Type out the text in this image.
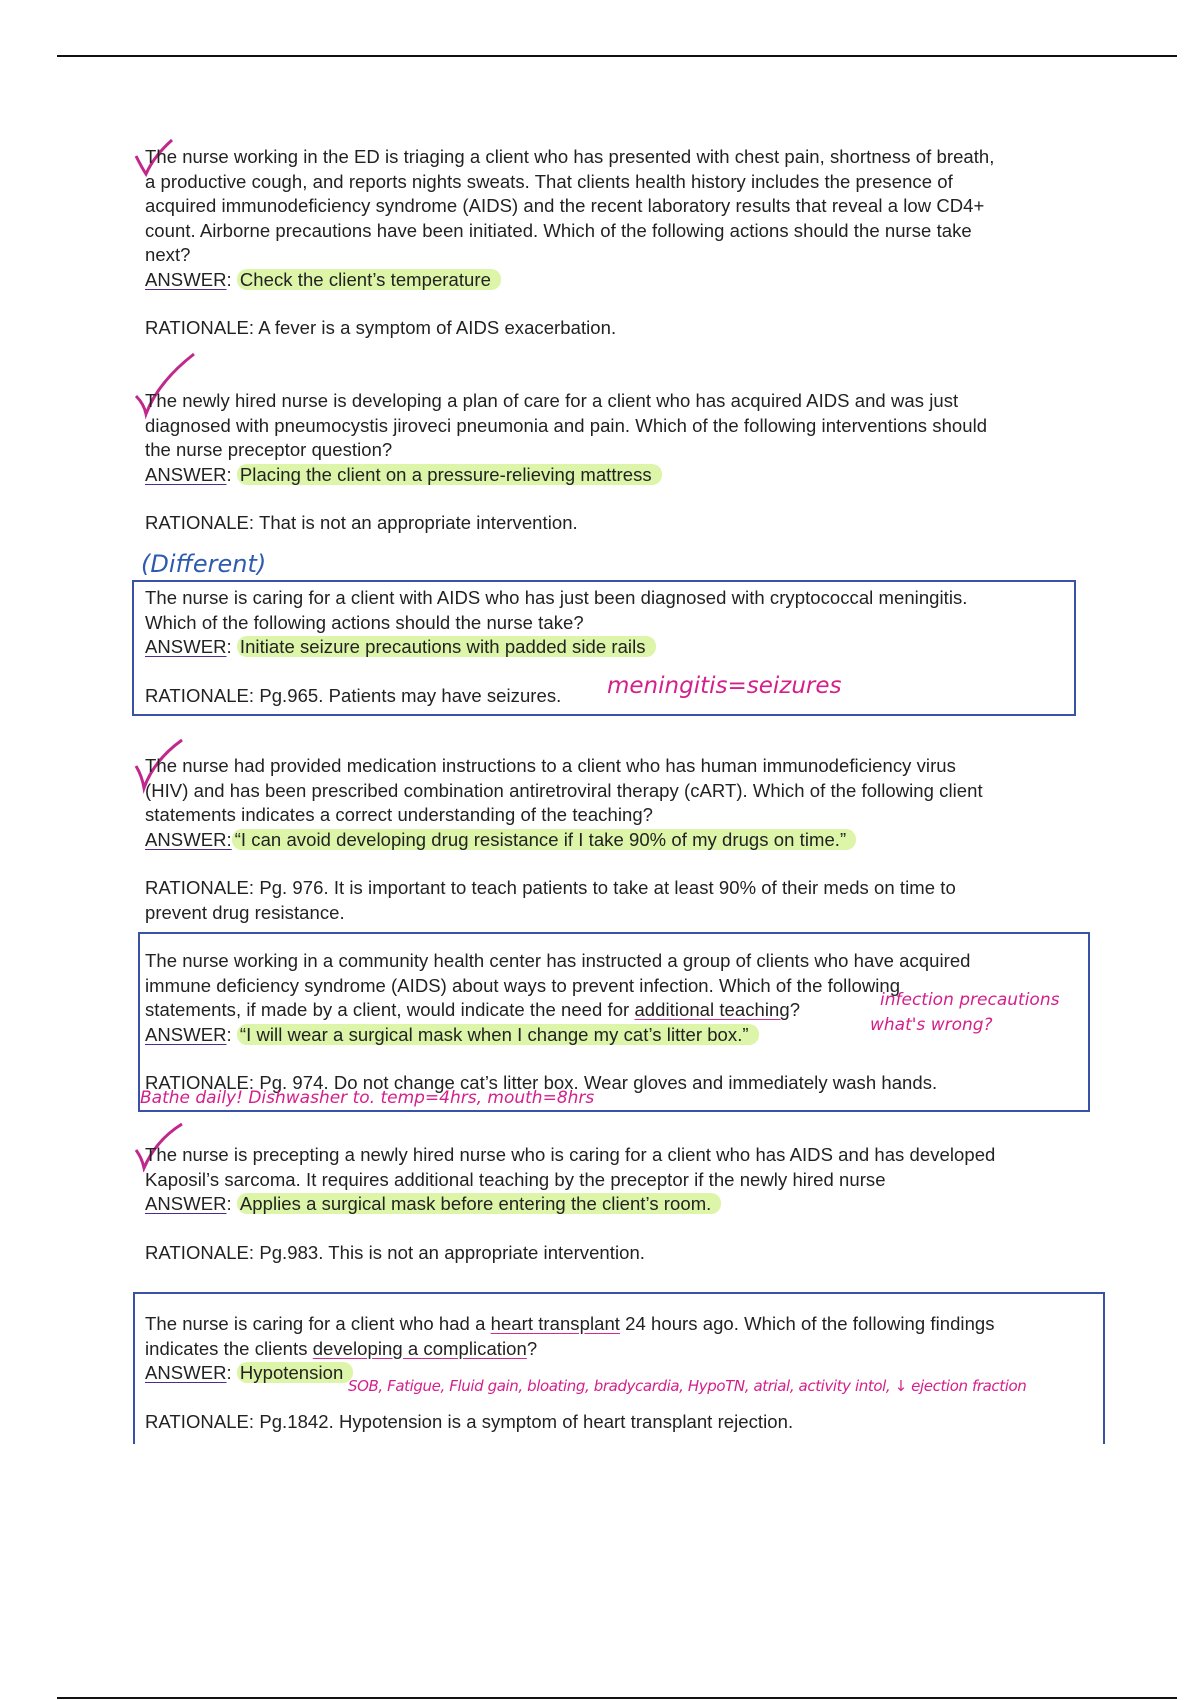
The nurse working in the ED is triaging a client who has presented with chest pain, shortness of breath,

a productive cough, and reports nights sweats. That clients health history includes the presence of

acquired immunodeficiency syndrome (AIDS) and the recent laboratory results that reveal a low CD4+

count. Airborne precautions have been initiated. Which of the following actions should the nurse take

next?

ANSWER: Check the client’s temperature

RATIONALE: A fever is a symptom of AIDS exacerbation.

The newly hired nurse is developing a plan of care for a client who has acquired AIDS and was just

diagnosed with pneumocystis jiroveci pneumonia and pain. Which of the following interventions should

the nurse preceptor question?

ANSWER: Placing the client on a pressure-relieving mattress

RATIONALE: That is not an appropriate intervention.

(Different)

The nurse is caring for a client with AIDS who has just been diagnosed with cryptococcal meningitis.

Which of the following actions should the nurse take?

ANSWER: Initiate seizure precautions with padded side rails

RATIONALE: Pg.965. Patients may have seizures.	meningitis=seizures

The nurse had provided medication instructions to a client who has human immunodeficiency virus

(HIV) and has been prescribed combination antiretroviral therapy (cART). Which of the following client

statements indicates a correct understanding of the teaching?

ANSWER: “I can avoid developing drug resistance if I take 90% of my drugs on time.”

RATIONALE: Pg. 976. It is important to teach patients to take at least 90% of their meds on time to

prevent drug resistance.

The nurse working in a community health center has instructed a group of clients who have acquired

immune deficiency syndrome (AIDS) about ways to prevent infection. Which of the following

statements, if made by a client, would indicate the need for additional teaching?

ANSWER: “I will wear a surgical mask when I change my cat’s litter box.”

RATIONALE: Pg. 974. Do not change cat’s litter box. Wear gloves and immediately wash hands.

infection precautions
what's wrong?
Bathe daily! Dishwasher to. temp=4hrs, mouth=8hrs

The nurse is precepting a newly hired nurse who is caring for a client who has AIDS and has developed

Kaposil’s sarcoma. It requires additional teaching by the preceptor if the newly hired nurse

ANSWER: Applies a surgical mask before entering the client’s room.

RATIONALE: Pg.983. This is not an appropriate intervention.

The nurse is caring for a client who had a heart transplant 24 hours ago. Which of the following findings

indicates the clients developing a complication?

ANSWER: Hypotension

RATIONALE: Pg.1842. Hypotension is a symptom of heart transplant rejection.

SOB, Fatigue, Fluid gain, bloating, bradycardia, HypoTN, atrial, activity intol, ↓ ejection fraction
